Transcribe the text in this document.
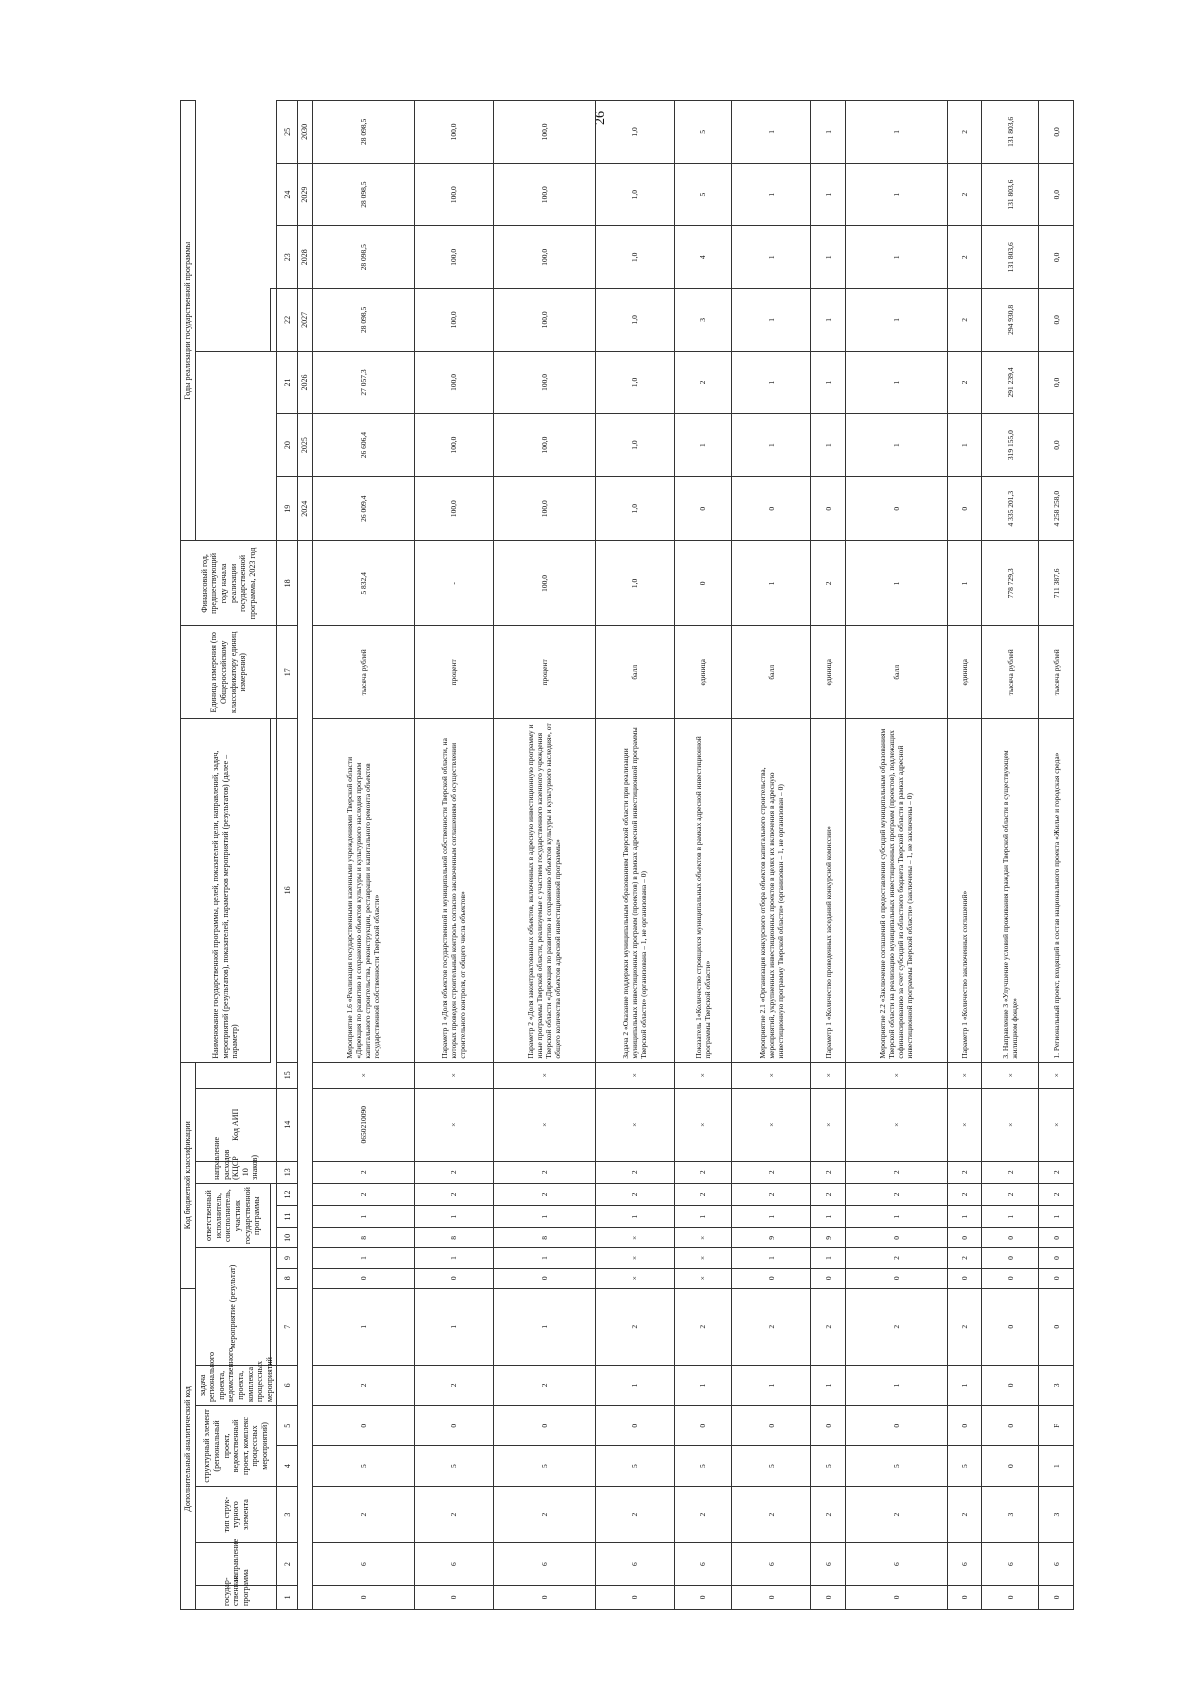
26
Дополнительный аналитический код							Код бюджетной классификации								Наименование государственной программы, целей, показателей цели, направлений, задач, мероприятий (результатов), показателей, параметров мероприятий (результатов) (далее – параметр)	Единица измерения (по Общероссийскому классификатору единиц измерения)	Финансовый год, предшествующий году начала реализации государственной программы, 2023 год	Годы реализации государственной программы						
государ-ственная программа	направление	тип струк-турного элемента	структурный элемент (региональный проект, ведомственный проект, комплекс процессных мероприятий)		задача регионального проекта, ведомственного проекта, комплекса процессных мероприятий	мероприятие (результат)			ответственный исполнитель, соисполнитель, участник государственной программы			направление расходов (КЦСР 10 знаков)	Код АИП											

1	2	3	4	5	6	7	8	9	10	11	12	13	14	15	16	17	18	19	20	21	22	23	24	25
																		2024	2025	2026	2027	2028	2029	2030
0	6	2	5	0	2	1	0	1	8	1	2	2	0650210090	×	Мероприятие 1.6 «Реализация государственными казенными учреждениями Тверской области «Дирекция по развитию и сохранению объектов культуры и культурного наследия программ капитального строительства, реконструкции, реставрации и капитального ремонта объектов государственной собственности Тверской области»	тысяча рублей	5 832,4	26 009,4	26 606,4	27 057,3	28 098,5	28 098,5	28 098,5	28 098,5
0	6	2	5	0	2	1	0	1	8	1	2	2	×	×	Параметр 1 «Доля объектов государственной и муниципальной собственности Тверской области, на которых проведен строительный контроль согласно заключенным соглашениям об осуществлении строительного контроля, от общего числа объектов»	процент	-	100,0	100,0	100,0	100,0	100,0	100,0	100,0
0	6	2	5	0	2	1	0	1	8	1	2	2	×	×	Параметр 2 «Доля законтрактованных объектов, включенных в адресную инвестиционную программу и иные программы Тверской области, реализуемые с участием государственного казенного учреждения Тверской области «Дирекция по развитию и сохранению объектов культуры и культурного наследия», от общего количества объектов адресной инвестиционной программы»	процент	100,0	100,0	100,0	100,0	100,0	100,0	100,0	100,0
0	6	2	5	0	1	2	×	×	×	1	2	2	×	×	Задача 2 «Оказание поддержки муниципальным образованиям Тверской области при реализации муниципальных инвестиционных программ (проектов) в рамках адресной инвестиционной программы Тверской области» (организована – 1, не организована – 0)	балл	1,0	1,0	1,0	1,0	1,0	1,0	1,0	1,0
0	6	2	5	0	1	2	×	×	×	1	2	2	×	×	Показатель 1«Количество строящихся муниципальных объектов в рамках адресной инвестиционной программы Тверской области»	единица	0	0	1	2	3	4	5	5
0	6	2	5	0	1	2	0	1	9	1	2	2	×	×	Мероприятие 2.1 «Организация конкурсного отбора объектов капитального строительства, мероприятий, укрупненных инвестиционных проектов в целях их включения в адресную инвестиционную программу Тверской области» (организован – 1, не организован – 0)	балл	1	0	1	1	1	1	1	1
0	6	2	5	0	1	2	0	1	9	1	2	2	×	×	Параметр 1 «Количество проведенных заседаний конкурсной комиссии»	единица	2	0	1	1	1	1	1	1
0	6	2	5	0	1	2	0	2	0	1	2	2	×	×	Мероприятие 2.2 «Заключение соглашений о предоставлении субсидий муниципальным образованиям Тверской области на реализацию муниципальных инвестиционных программ (проектов), подлежащих софинансированию за счет субсидий из областного бюджета Тверской области в рамках адресной инвестиционной программы Тверской области» (заключены – 1, не заключены – 0)	балл	1	0	1	1	1	1	1	1
0	6	2	5	0	1	2	0	2	0	1	2	2	×	×	Параметр 1 «Количество заключенных соглашений»	единица	1	0	1	2	2	2	2	2
0	6	3	0	0	0	0	0	0	0	1	2	2	×	×	3. Направление 3 «Улучшение условий проживания граждан Тверской области в существующем жилищном фонде»	тысяча рублей	778 729,3	4 335 201,3	319 155,0	291 239,4	294 930,8	131 803,6	131 803,6	131 803,6
0	6	3	1	F	3	0	0	0	0	1	2	2	×	×	1. Региональный проект, входящий в состав национального проекта «Жилье и городская среда»	тысяча рублей	711 387,6	4 258 258,0	0,0	0,0	0,0	0,0	0,0	0,0
